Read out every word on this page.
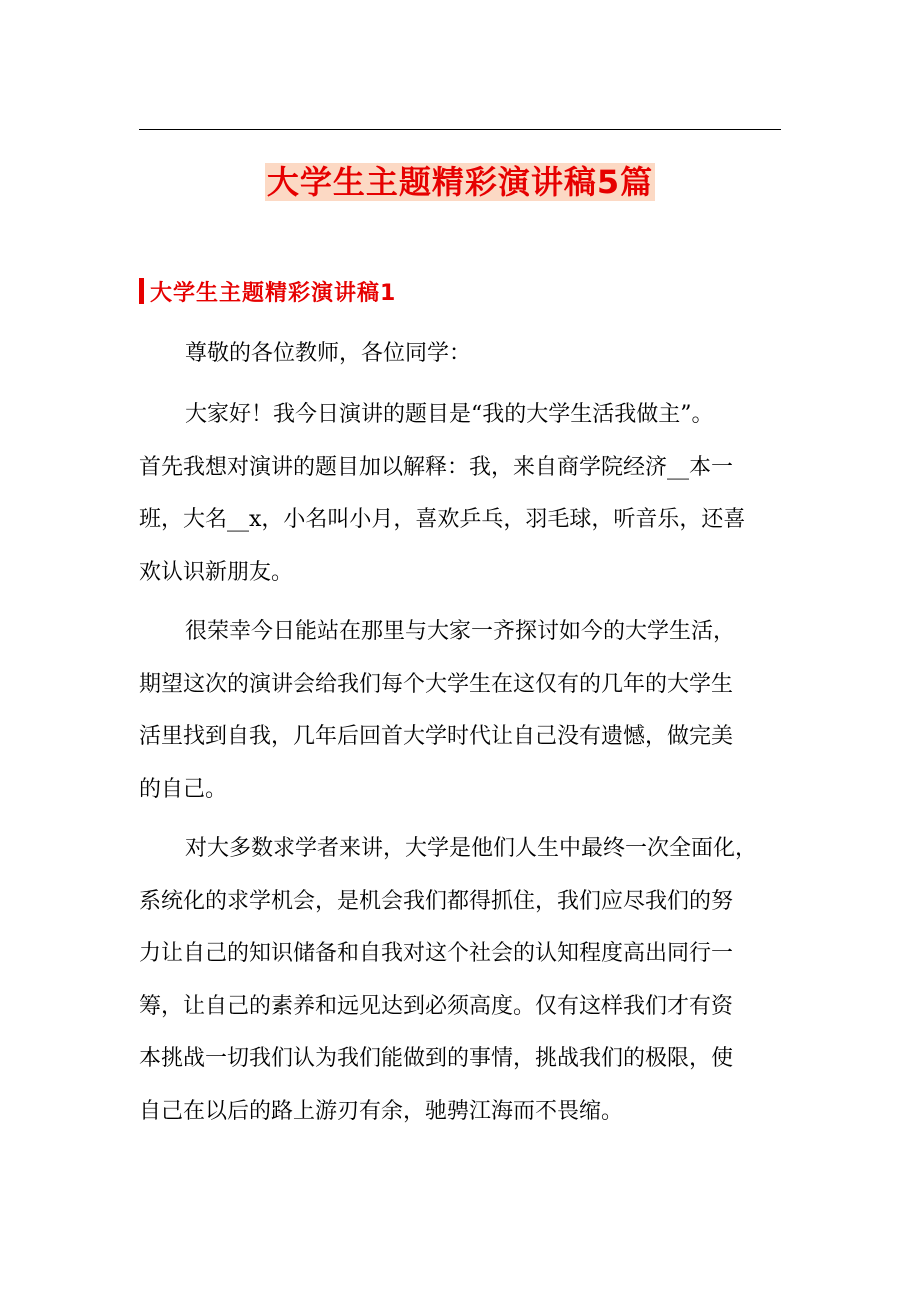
大学生主题精彩演讲稿5篇
大学生主题精彩演讲稿1

尊敬的各位教师，各位同学：

大家好！我今日演讲的题目是“我的大学生活我做主”。
首先我想对演讲的题目加以解释：我，来自商学院经济__本一
班，大名__x，小名叫小月，喜欢乒乓，羽毛球，听音乐，还喜
欢认识新朋友。

很荣幸今日能站在那里与大家一齐探讨如今的大学生活，
期望这次的演讲会给我们每个大学生在这仅有的几年的大学生
活里找到自我，几年后回首大学时代让自己没有遗憾，做完美
的自己。

对大多数求学者来讲，大学是他们人生中最终一次全面化，
系统化的求学机会，是机会我们都得抓住，我们应尽我们的努
力让自己的知识储备和自我对这个社会的认知程度高出同行一
筹，让自己的素养和远见达到必须高度。仅有这样我们才有资
本挑战一切我们认为我们能做到的事情，挑战我们的极限，使
自己在以后的路上游刃有余，驰骋江海而不畏缩。
